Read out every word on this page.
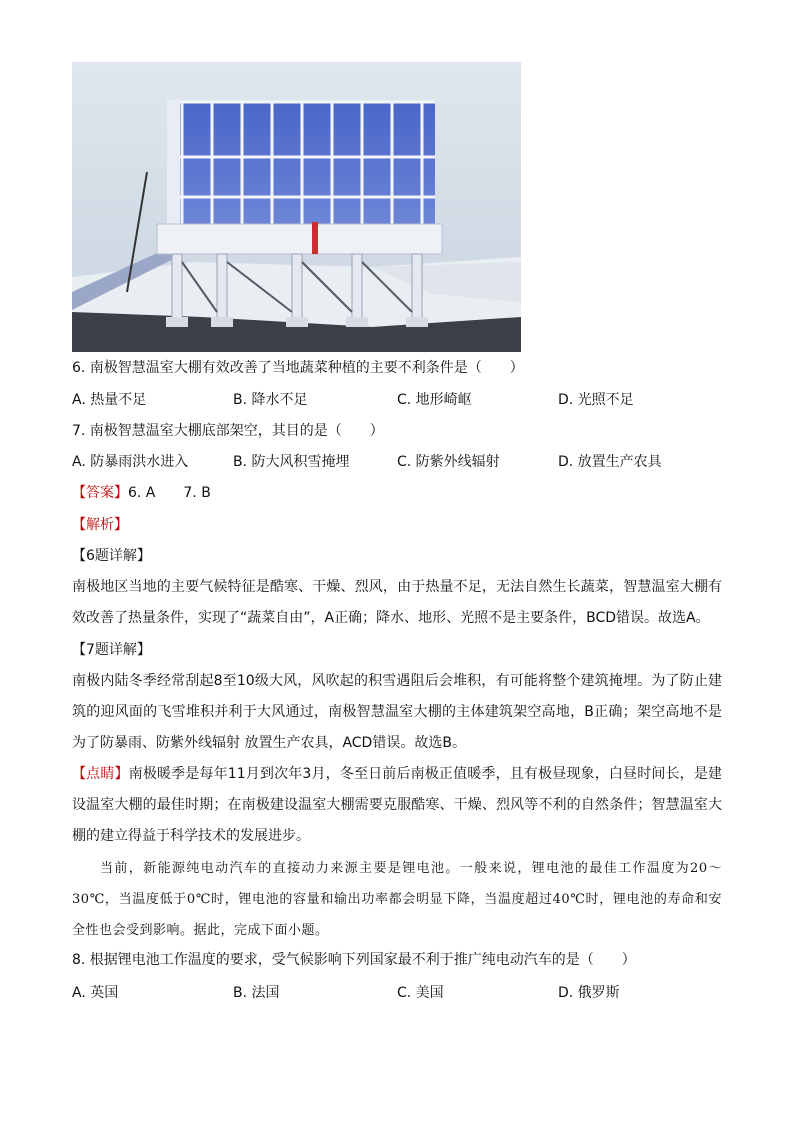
6. 南极智慧温室大棚有效改善了当地蔬菜种植的主要不利条件是（　　）
A. 热量不足	B. 降水不足	C. 地形崎岖	D. 光照不足
7. 南极智慧温室大棚底部架空，其目的是（　　）
A. 防暴雨洪水进入	B. 防大风积雪掩埋	C. 防紫外线辐射	D. 放置生产农具
【答案】6. A　　7. B
【解析】
【6题详解】
南极地区当地的主要气候特征是酷寒、干燥、烈风，由于热量不足，无法自然生长蔬菜，智慧温室大棚有效改善了热量条件，实现了“蔬菜自由”，A正确；降水、地形、光照不是主要条件，BCD错误。故选A。
【7题详解】
南极内陆冬季经常刮起8至10级大风，风吹起的积雪遇阻后会堆积，有可能将整个建筑掩埋。为了防止建筑的迎风面的飞雪堆积并利于大风通过，南极智慧温室大棚的主体建筑架空高地，B正确；架空高地不是为了防暴雨、防紫外线辐射 放置生产农具，ACD错误。故选B。
【点睛】南极暖季是每年11月到次年3月，冬至日前后南极正值暖季，且有极昼现象，白昼时间长，是建设温室大棚的最佳时期；在南极建设温室大棚需要克服酷寒、干燥、烈风等不利的自然条件；智慧温室大棚的建立得益于科学技术的发展进步。
当前，新能源纯电动汽车的直接动力来源主要是锂电池。一般来说，锂电池的最佳工作温度为20～30℃，当温度低于0℃时，锂电池的容量和输出功率都会明显下降，当温度超过40℃时，锂电池的寿命和安全性也会受到影响。据此，完成下面小题。
8. 根据锂电池工作温度的要求，受气候影响下列国家最不利于推广纯电动汽车的是（　　）
A. 英国	B. 法国	C. 美国	D. 俄罗斯
